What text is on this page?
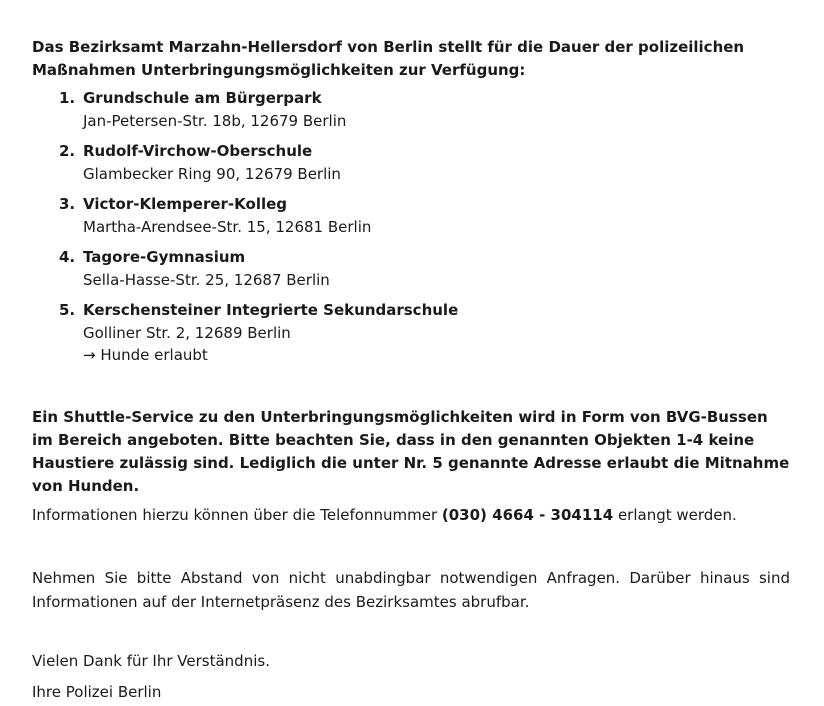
Das Bezirksamt Marzahn-Hellersdorf von Berlin stellt für die Dauer der polizeilichen Maßnahmen Unterbringungsmöglichkeiten zur Verfügung:

1. Grundschule am Bürgerpark
Jan-Petersen-Str. 18b, 12679 Berlin
2. Rudolf-Virchow-Oberschule
Glambecker Ring 90, 12679 Berlin
3. Victor-Klemperer-Kolleg
Martha-Arendsee-Str. 15, 12681 Berlin
4. Tagore-Gymnasium
Sella-Hasse-Str. 25, 12687 Berlin
5. Kerschensteiner Integrierte Sekundarschule
Golliner Str. 2, 12689 Berlin
→ Hunde erlaubt

Ein Shuttle-Service zu den Unterbringungsmöglichkeiten wird in Form von BVG-Bussen im Bereich angeboten. Bitte beachten Sie, dass in den genannten Objekten 1-4 keine Haustiere zulässig sind. Lediglich die unter Nr. 5 genannte Adresse erlaubt die Mitnahme von Hunden.

Informationen hierzu können über die Telefonnummer (030) 4664 - 304114 erlangt werden.

Nehmen Sie bitte Abstand von nicht unabdingbar notwendigen Anfragen. Darüber hinaus sind Informationen auf der Internetpräsenz des Bezirksamtes abrufbar.

Vielen Dank für Ihr Verständnis.

Ihre Polizei Berlin
